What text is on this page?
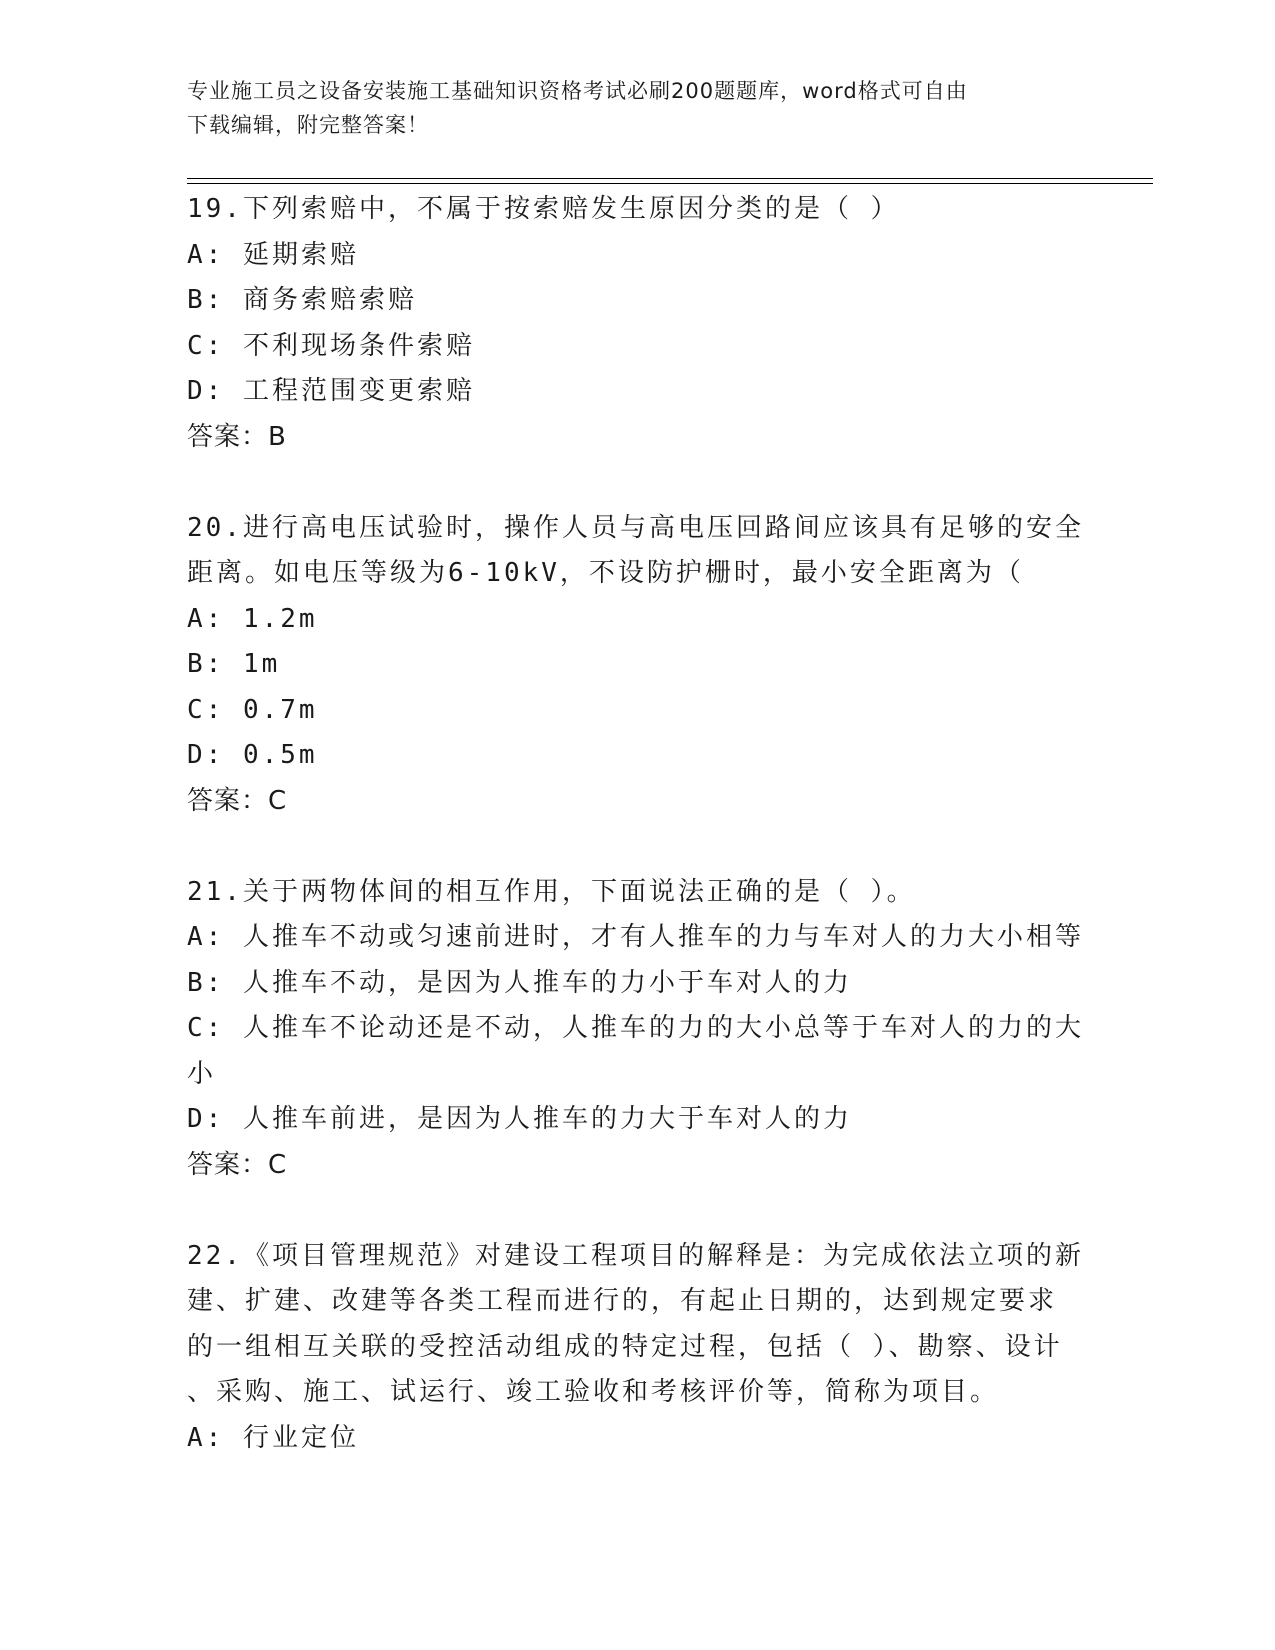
专业施工员之设备安装施工基础知识资格考试必刷200题题库，word格式可自由
下载编辑，附完整答案！
19.下列索赔中，不属于按索赔发生原因分类的是（ ）
A: 延期索赔
B: 商务索赔索赔
C: 不利现场条件索赔
D: 工程范围变更索赔
答案：B
20.进行高电压试验时，操作人员与高电压回路间应该具有足够的安全
距离。如电压等级为6-10kV，不设防护栅时，最小安全距离为（
A: 1.2m
B: 1m
C: 0.7m
D: 0.5m
答案：C
21.关于两物体间的相互作用，下面说法正确的是（ ）。
A: 人推车不动或匀速前进时，才有人推车的力与车对人的力大小相等
B: 人推车不动，是因为人推车的力小于车对人的力
C: 人推车不论动还是不动，人推车的力的大小总等于车对人的力的大
小
D: 人推车前进，是因为人推车的力大于车对人的力
答案：C
22.《项目管理规范》对建设工程项目的解释是：为完成依法立项的新
建、扩建、改建等各类工程而进行的，有起止日期的，达到规定要求
的一组相互关联的受控活动组成的特定过程，包括（ ）、勘察、设计
、采购、施工、试运行、竣工验收和考核评价等，简称为项目。
A: 行业定位
